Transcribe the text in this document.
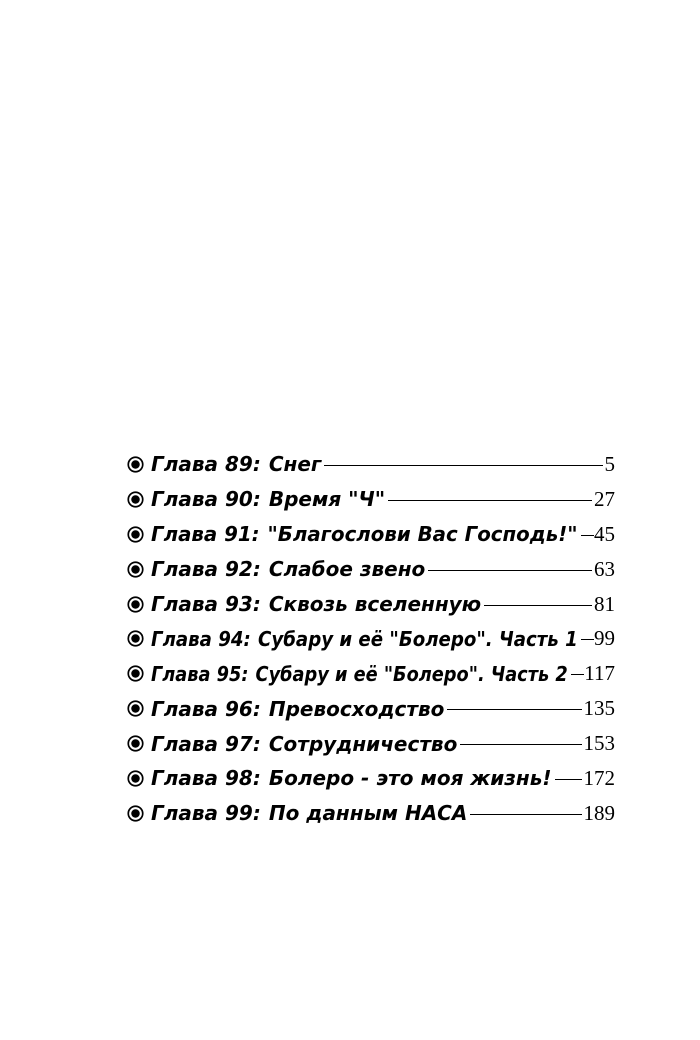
Глава 89: Снег	5
Глава 90: Время "Ч"	27
Глава 91: "Благослови Вас Господь!" 45
Глава 92: Слабое звено	63
Глава 93: Сквозь вселенную	81
Глава 94: Субару и её "Болеро". Часть 1 99
Глава 95: Субару и её "Болеро". Часть 2 117
Глава 96: Превосходство	135
Глава 97: Сотрудничество	153
Глава 98: Болеро - это моя жизнь! 172
Глава 99: По данным НАСА	189
